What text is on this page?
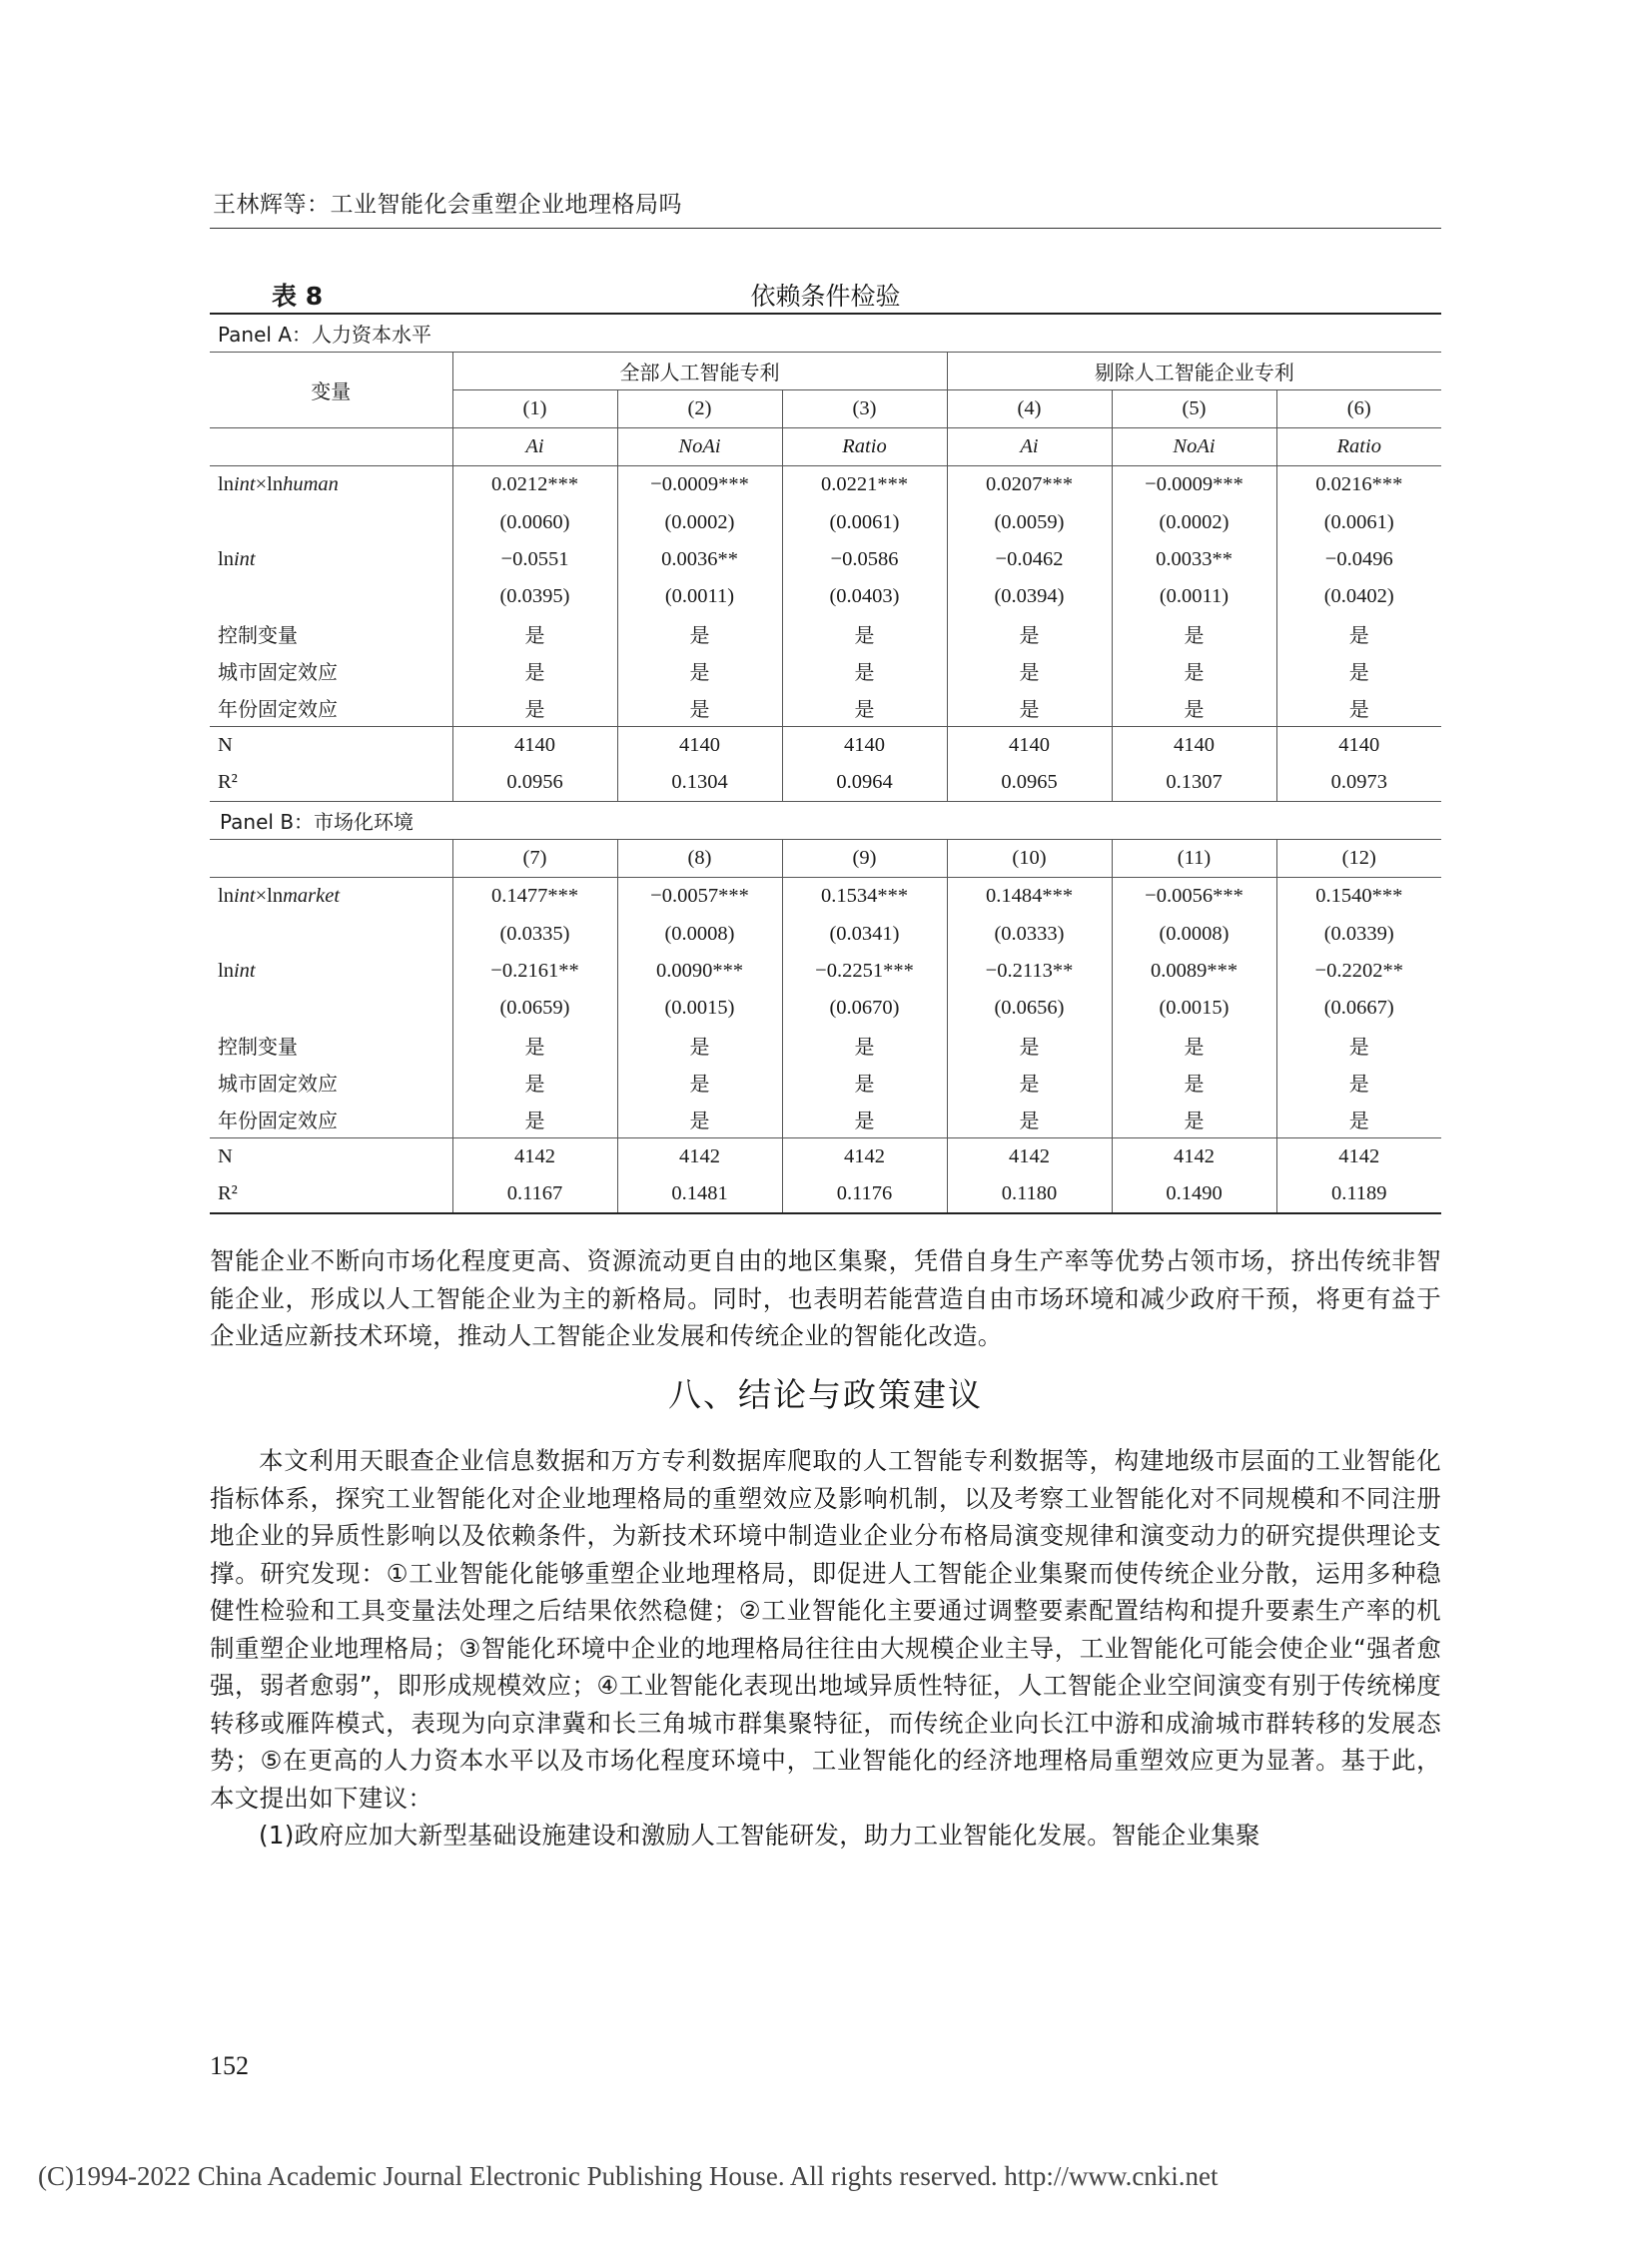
王林辉等：工业智能化会重塑企业地理格局吗
表 8	依赖条件检验
Panel A：人力资本水平						
变量	全部人工智能专利			剔除人工智能企业专利		
	(1)	(2)	(3)	(4)	(5)	(6)
	Ai	NoAi	Ratio	Ai	NoAi	Ratio
lnint×lnhuman	0.0212***	−0.0009***	0.0221***	0.0207***	−0.0009***	0.0216***
	(0.0060)	(0.0002)	(0.0061)	(0.0059)	(0.0002)	(0.0061)
lnint	−0.0551	0.0036**	−0.0586	−0.0462	0.0033**	−0.0496
	(0.0395)	(0.0011)	(0.0403)	(0.0394)	(0.0011)	(0.0402)
控制变量	是	是	是	是	是	是
城市固定效应	是	是	是	是	是	是
年份固定效应	是	是	是	是	是	是
N	4140	4140	4140	4140	4140	4140
R²	0.0956	0.1304	0.0964	0.0965	0.1307	0.0973
Panel B：市场化环境						
	(7)	(8)	(9)	(10)	(11)	(12)
lnint×lnmarket	0.1477***	−0.0057***	0.1534***	0.1484***	−0.0056***	0.1540***
	(0.0335)	(0.0008)	(0.0341)	(0.0333)	(0.0008)	(0.0339)
lnint	−0.2161**	0.0090***	−0.2251***	−0.2113**	0.0089***	−0.2202**
	(0.0659)	(0.0015)	(0.0670)	(0.0656)	(0.0015)	(0.0667)
控制变量	是	是	是	是	是	是
城市固定效应	是	是	是	是	是	是
年份固定效应	是	是	是	是	是	是
N	4142	4142	4142	4142	4142	4142
R²	0.1167	0.1481	0.1176	0.1180	0.1490	0.1189

智能企业不断向市场化程度更高、资源流动更自由的地区集聚，凭借自身生产率等优势占领市场，挤出传统非智能企业，形成以人工智能企业为主的新格局。同时，也表明若能营造自由市场环境和减少政府干预，将更有益于企业适应新技术环境，推动人工智能企业发展和传统企业的智能化改造。

八、结论与政策建议

本文利用天眼查企业信息数据和万方专利数据库爬取的人工智能专利数据等，构建地级市层面的工业智能化指标体系，探究工业智能化对企业地理格局的重塑效应及影响机制，以及考察工业智能化对不同规模和不同注册地企业的异质性影响以及依赖条件，为新技术环境中制造业企业分布格局演变规律和演变动力的研究提供理论支撑。研究发现：①工业智能化能够重塑企业地理格局，即促进人工智能企业集聚而使传统企业分散，运用多种稳健性检验和工具变量法处理之后结果依然稳健；②工业智能化主要通过调整要素配置结构和提升要素生产率的机制重塑企业地理格局；③智能化环境中企业的地理格局往往由大规模企业主导，工业智能化可能会使企业“强者愈强，弱者愈弱”，即形成规模效应；④工业智能化表现出地域异质性特征，人工智能企业空间演变有别于传统梯度转移或雁阵模式，表现为向京津冀和长三角城市群集聚特征，而传统企业向长江中游和成渝城市群转移的发展态势；⑤在更高的人力资本水平以及市场化程度环境中，工业智能化的经济地理格局重塑效应更为显著。基于此，本文提出如下建议：

(1)政府应加大新型基础设施建设和激励人工智能研发，助力工业智能化发展。智能企业集聚

152
(C)1994-2022 China Academic Journal Electronic Publishing House. All rights reserved. http://www.cnki.net
